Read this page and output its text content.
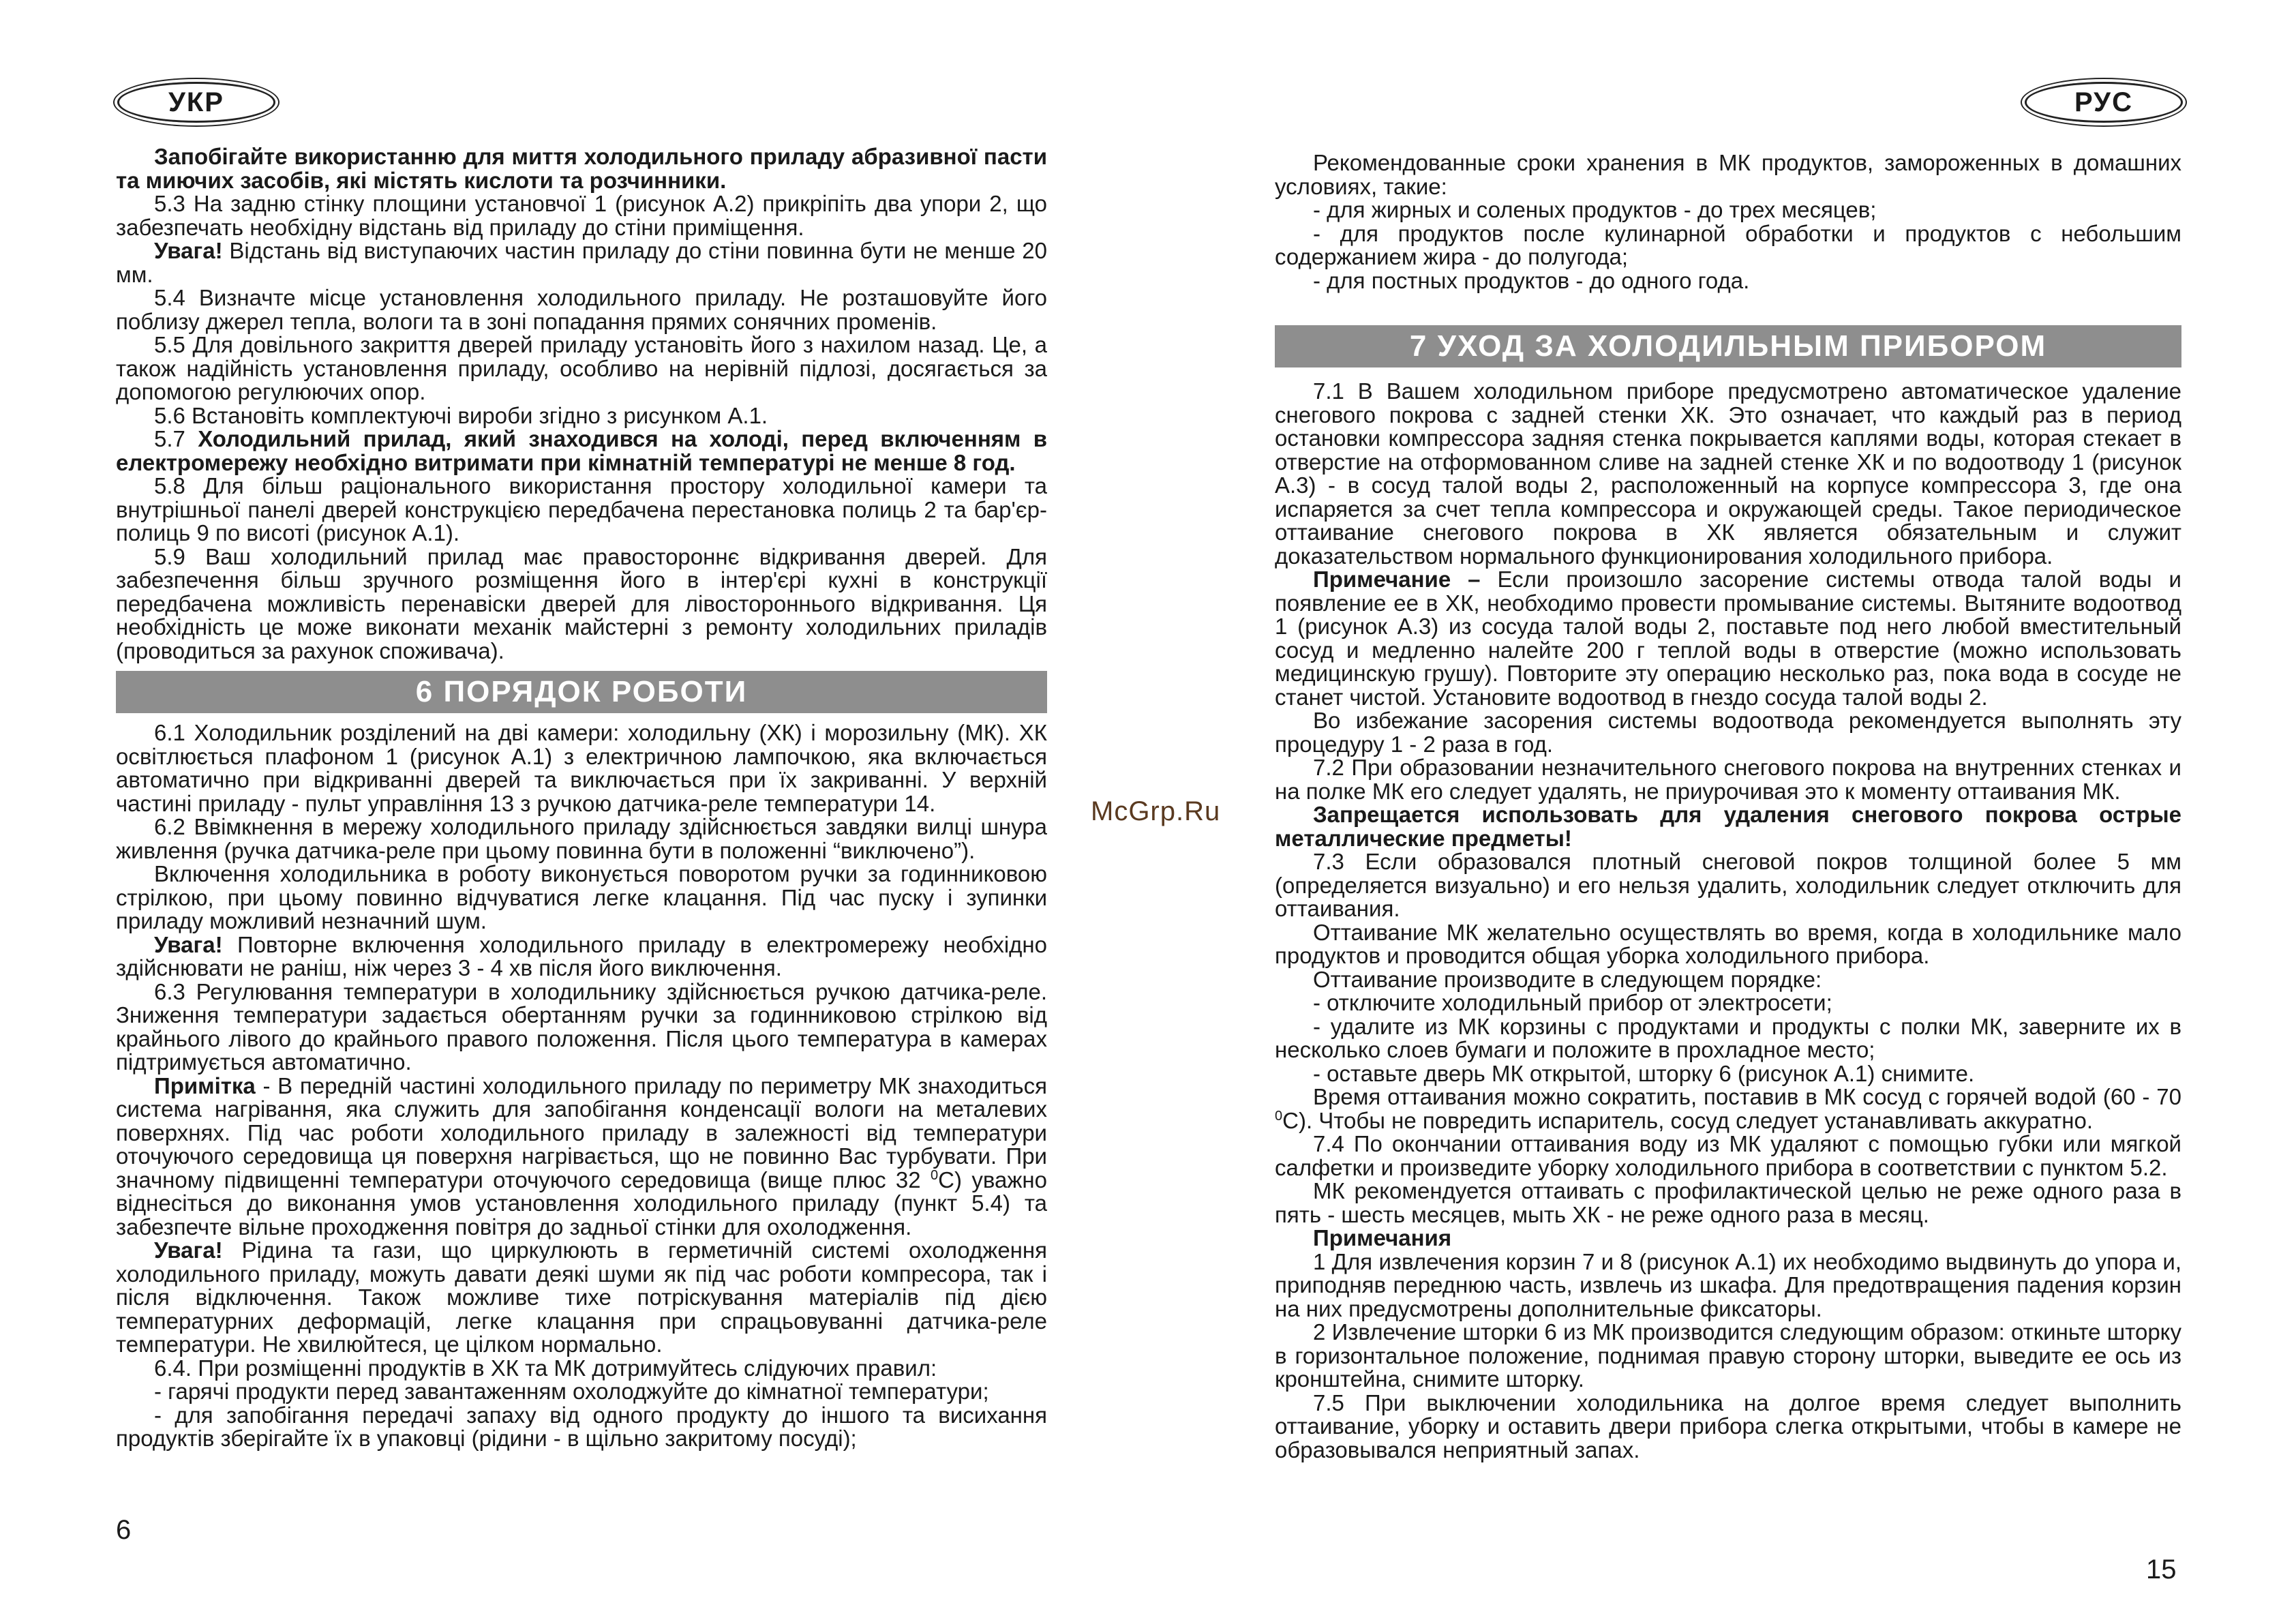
УКР	РУС

Запобігайте використанню для миття холодильного приладу абразивної пасти та миючих засобів, які містять кислоти та розчинники.

5.3 На задню стінку площини установчої 1 (рисунок А.2) прикріпіть два упори 2, що забезпечать необхідну відстань від приладу до стіни приміщення.

Увага! Відстань від виступаючих частин приладу до стіни повинна бути не менше 20 мм.

5.4 Визначте місце установлення холодильного приладу. Не розташовуйте його поблизу джерел тепла, вологи та в зоні попадання прямих сонячних променів.

5.5 Для довільного закриття дверей приладу установіть його з нахилом назад. Це, а також надійність установлення приладу, особливо на нерівній підлозі, досягається за допомогою регулюючих опор.

5.6 Встановіть комплектуючі вироби згідно з рисунком А.1.

5.7 Холодильний прилад, який знаходився на холоді, перед включенням в електромережу необхідно витримати при кімнатній температурі не менше 8 год.

5.8 Для більш раціонального використання простору холодильної камери та внутрішньої панелі дверей конструкцією передбачена перестановка полиць 2 та бар'єр-полиць 9 по висоті (рисунок А.1).

5.9 Ваш холодильний прилад має правостороннє відкривання дверей. Для забезпечення більш зручного розміщення його в інтер'єрі кухні в конструкції передбачена можливість перенавіски дверей для лівостороннього відкривання. Ця необхідність це може виконати механік майстерні з ремонту холодильних приладів (проводиться за рахунок споживача).

6 ПОРЯДОК РОБОТИ

6.1 Холодильник розділений на дві камери: холодильну (ХК) і морозильну (МК). ХК освітлюється плафоном 1 (рисунок А.1) з електричною лампочкою, яка включається автоматично при відкриванні дверей та виключається при їх закриванні. У верхній частині приладу - пульт управління 13 з ручкою датчика-реле температури 14.

6.2 Ввімкнення в мережу холодильного приладу здійснюється завдяки вилці шнура живлення (ручка датчика-реле при цьому повинна бути в положенні “виключено”).

Включення холодильника в роботу виконується поворотом ручки за годинниковою стрілкою, при цьому повинно відчуватися легке клацання. Під час пуску і зупинки приладу можливий незначний шум.

Увага! Повторне включення холодильного приладу в електромережу необхідно здійснювати не раніш, ніж через 3 - 4 хв після його виключення.

6.3 Регулювання температури в холодильнику здійснюється ручкою датчика-реле. Зниження температури задається обертанням ручки за годинниковою стрілкою від крайнього лівого до крайнього правого положення. Після цього температура в камерах підтримується автоматично.

Примітка - В передній частині холодильного приладу по периметру МК знаходиться система нагрівання, яка служить для запобігання конденсації вологи на металевих поверхнях. Під час роботи холодильного приладу в залежності від температури оточуючого середовища ця поверхня нагрівається, що не повинно Вас турбувати. При значному підвищенні температури оточуючого середовища (вище плюс 32 $^0$С) уважно віднесіться до виконання умов установлення холодильного приладу (пункт 5.4) та забезпечте вільне проходження повітря до задньої стінки для охолодження.

Увага! Рідина та гази, що циркулюють в герметичній системі охолодження холодильного приладу, можуть давати деякі шуми як під час роботи компресора, так і після відключення. Також можливе тихе потріскування матеріалів під дією температурних деформацій, легке клацання при спрацьовуванні датчика-реле температури. Не хвилюйтеся, це цілком нормально.

6.4. При розміщенні продуктів в ХК та МК дотримуйтесь слідуючих правил:

- гарячі продукти перед завантаженням охолоджуйте до кімнатної температури;

- для запобігання передачі запаху від одного продукту до іншого та висихання продуктів зберігайте їх в упаковці (рідини - в щільно закритому посуді);

Рекомендованные сроки хранения в МК продуктов, замороженных в домашних условиях, такие:

- для жирных и соленых продуктов - до трех месяцев;

- для продуктов после кулинарной обработки и продуктов с небольшим содержанием жира - до полугода;

- для постных продуктов - до одного года.

7 УХОД ЗА ХОЛОДИЛЬНЫМ ПРИБОРОМ

7.1 В Вашем холодильном приборе предусмотрено автоматическое удаление снегового покрова с задней стенки ХК. Это означает, что каждый раз в период остановки компрессора задняя стенка покрывается каплями воды, которая стекает в отверстие на отформованном сливе на задней стенке ХК и по водоотводу 1 (рисунок А.3) - в сосуд талой воды 2, расположенный на корпусе компрессора 3, где она испаряется за счет тепла компрессора и окружающей среды. Такое периодическое оттаивание снегового покрова в ХК является обязательным и служит доказательством нормального функционирования холодильного прибора.

Примечание – Если произошло засорение системы отвода талой воды и появление ее в ХК, необходимо провести промывание системы. Вытяните водоотвод 1 (рисунок А.3) из сосуда талой воды 2, поставьте под него любой вместительный сосуд и медленно налейте 200 г теплой воды в отверстие (можно использовать медицинскую грушу). Повторите эту операцию несколько раз, пока вода в сосуде не станет чистой. Установите водоотвод в гнездо сосуда талой воды 2.

Во избежание засорения системы водоотвода рекомендуется выполнять эту процедуру 1 - 2 раза в год.

7.2 При образовании незначительного снегового покрова на внутренних стенках и на полке МК его следует удалять, не приурочивая это к моменту оттаивания МК.

Запрещается использовать для удаления снегового покрова острые металлические предметы!

7.3 Если образовался плотный снеговой покров толщиной более 5 мм (определяется визуально) и его нельзя удалить, холодильник следует отключить для оттаивания.

Оттаивание МК желательно осуществлять во время, когда в холодильнике мало продуктов и проводится общая уборка холодильного прибора.

Оттаивание производите в следующем порядке:

- отключите холодильный прибор от электросети;

- удалите из МК корзины с продуктами и продукты с полки МК, заверните их в несколько слоев бумаги и положите в прохладное место;

- оставьте дверь МК открытой, шторку 6 (рисунок А.1) снимите.

Время оттаивания можно сократить, поставив в МК сосуд с горячей водой (60 - 70 $^0$С). Чтобы не повредить испаритель, сосуд следует устанавливать аккуратно.

7.4 По окончании оттаивания воду из МК удаляют с помощью губки или мягкой салфетки и произведите уборку холодильного прибора в соответствии с пунктом 5.2.

МК рекомендуется оттаивать с профилактической целью не реже одного раза в пять - шесть месяцев, мыть ХК - не реже одного раза в месяц.

Примечания

1 Для извлечения корзин 7 и 8 (рисунок А.1) их необходимо выдвинуть до упора и, приподняв переднюю часть, извлечь из шкафа. Для предотвращения падения корзин на них предусмотрены дополнительные фиксаторы.

2 Извлечение шторки 6 из МК производится следующим образом: откиньте шторку в горизонтальное положение, поднимая правую сторону шторки, выведите ее ось из кронштейна, снимите шторку.

7.5 При выключении холодильника на долгое время следует выполнить оттаивание, уборку и оставить двери прибора слегка открытыми, чтобы в камере не образовывался неприятный запах.

McGrp.Ru
6
15
